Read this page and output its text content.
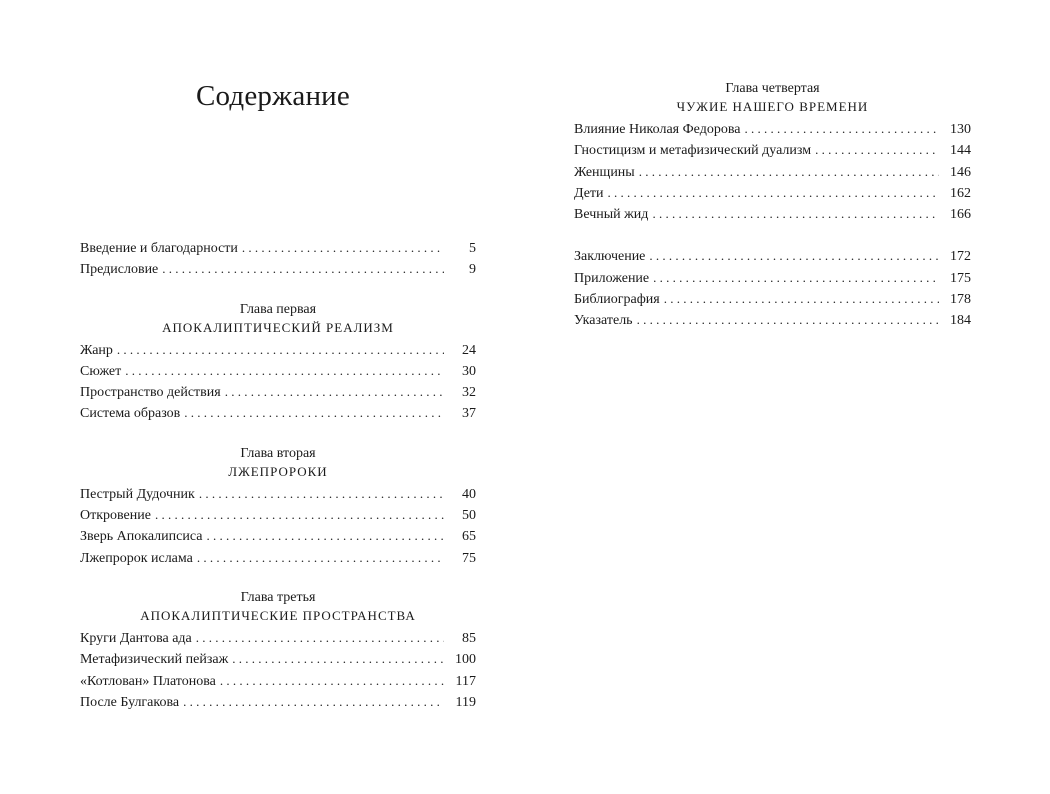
Содержание
Введение и благодарности . . .	5
Предисловие . . .	9
Глава первая
АПОКАЛИПТИЧЕСКИЙ РЕАЛИЗМ
Жанр . . .	24
Сюжет . . .	30
Пространство действия . . .	32
Система образов . . .	37
Глава вторая
ЛЖЕПРОРОКИ
Пестрый Дудочник . . .	40
Откровение . . .	50
Зверь Апокалипсиса . . .	65
Лжепророк ислама . . .	75
Глава третья
АПОКАЛИПТИЧЕСКИЕ ПРОСТРАНСТВА
Круги Дантова ада . . .	85
Метафизический пейзаж . . .	100
«Котлован» Платонова . . .	117
После Булгакова . . .	119
Глава четвертая
ЧУЖИЕ НАШЕГО ВРЕМЕНИ
Влияние Николая Федорова . . .	130
Гностицизм и метафизический дуализм . . .	144
Женщины . . .	146
Дети . . .	162
Вечный жид . . .	166
Заключение . . .	172
Приложение . . .	175
Библиография . . .	178
Указатель . . .	184
